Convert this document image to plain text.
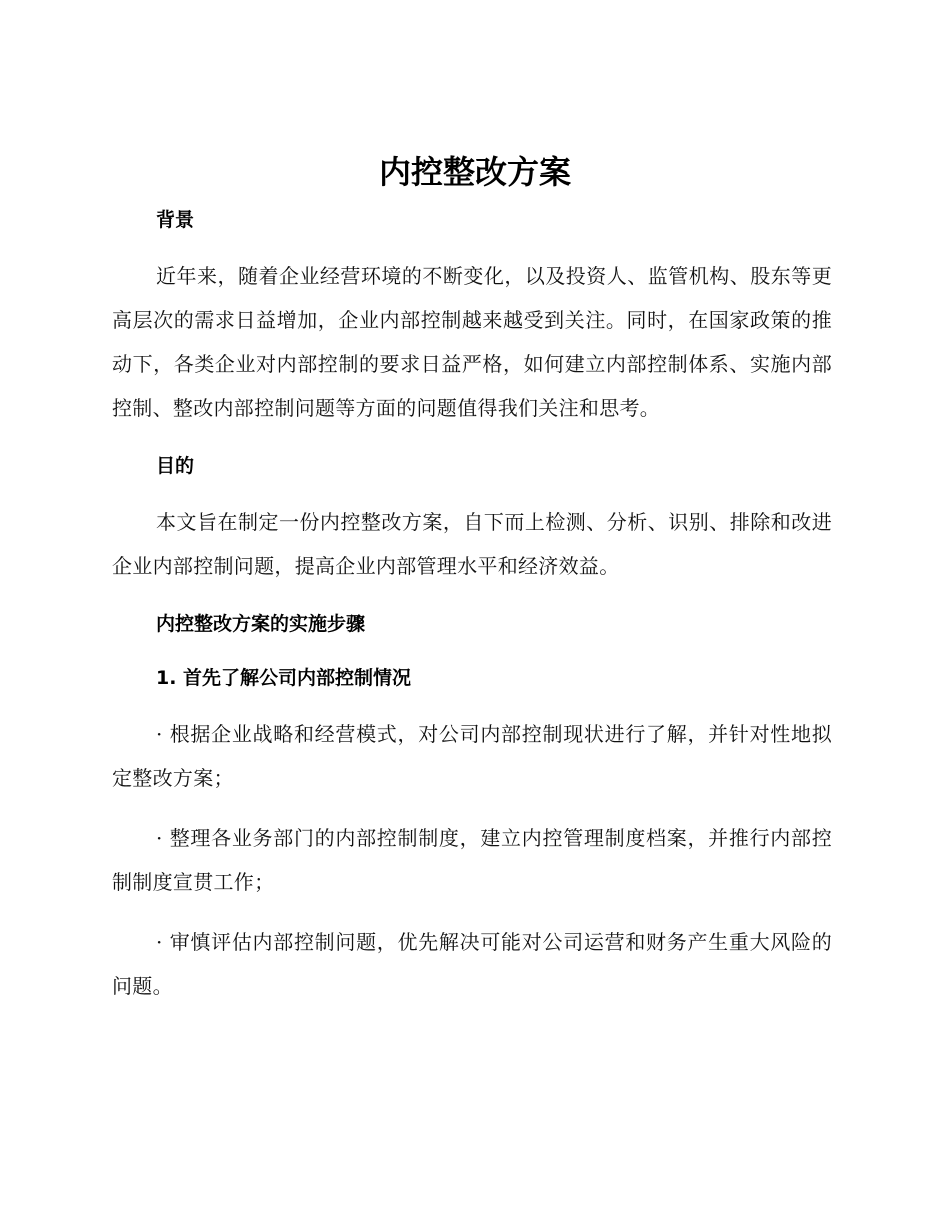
内控整改方案

背景

近年来，随着企业经营环境的不断变化，以及投资人、监管机构、股东等更高层次的需求日益增加，企业内部控制越来越受到关注。同时，在国家政策的推动下，各类企业对内部控制的要求日益严格，如何建立内部控制体系、实施内部控制、整改内部控制问题等方面的问题值得我们关注和思考。

目的

本文旨在制定一份内控整改方案，自下而上检测、分析、识别、排除和改进企业内部控制问题，提高企业内部管理水平和经济效益。

内控整改方案的实施步骤

1. 首先了解公司内部控制情况

· 根据企业战略和经营模式，对公司内部控制现状进行了解，并针对性地拟定整改方案；

· 整理各业务部门的内部控制制度，建立内控管理制度档案，并推行内部控制制度宣贯工作；

· 审慎评估内部控制问题，优先解决可能对公司运营和财务产生重大风险的问题。
